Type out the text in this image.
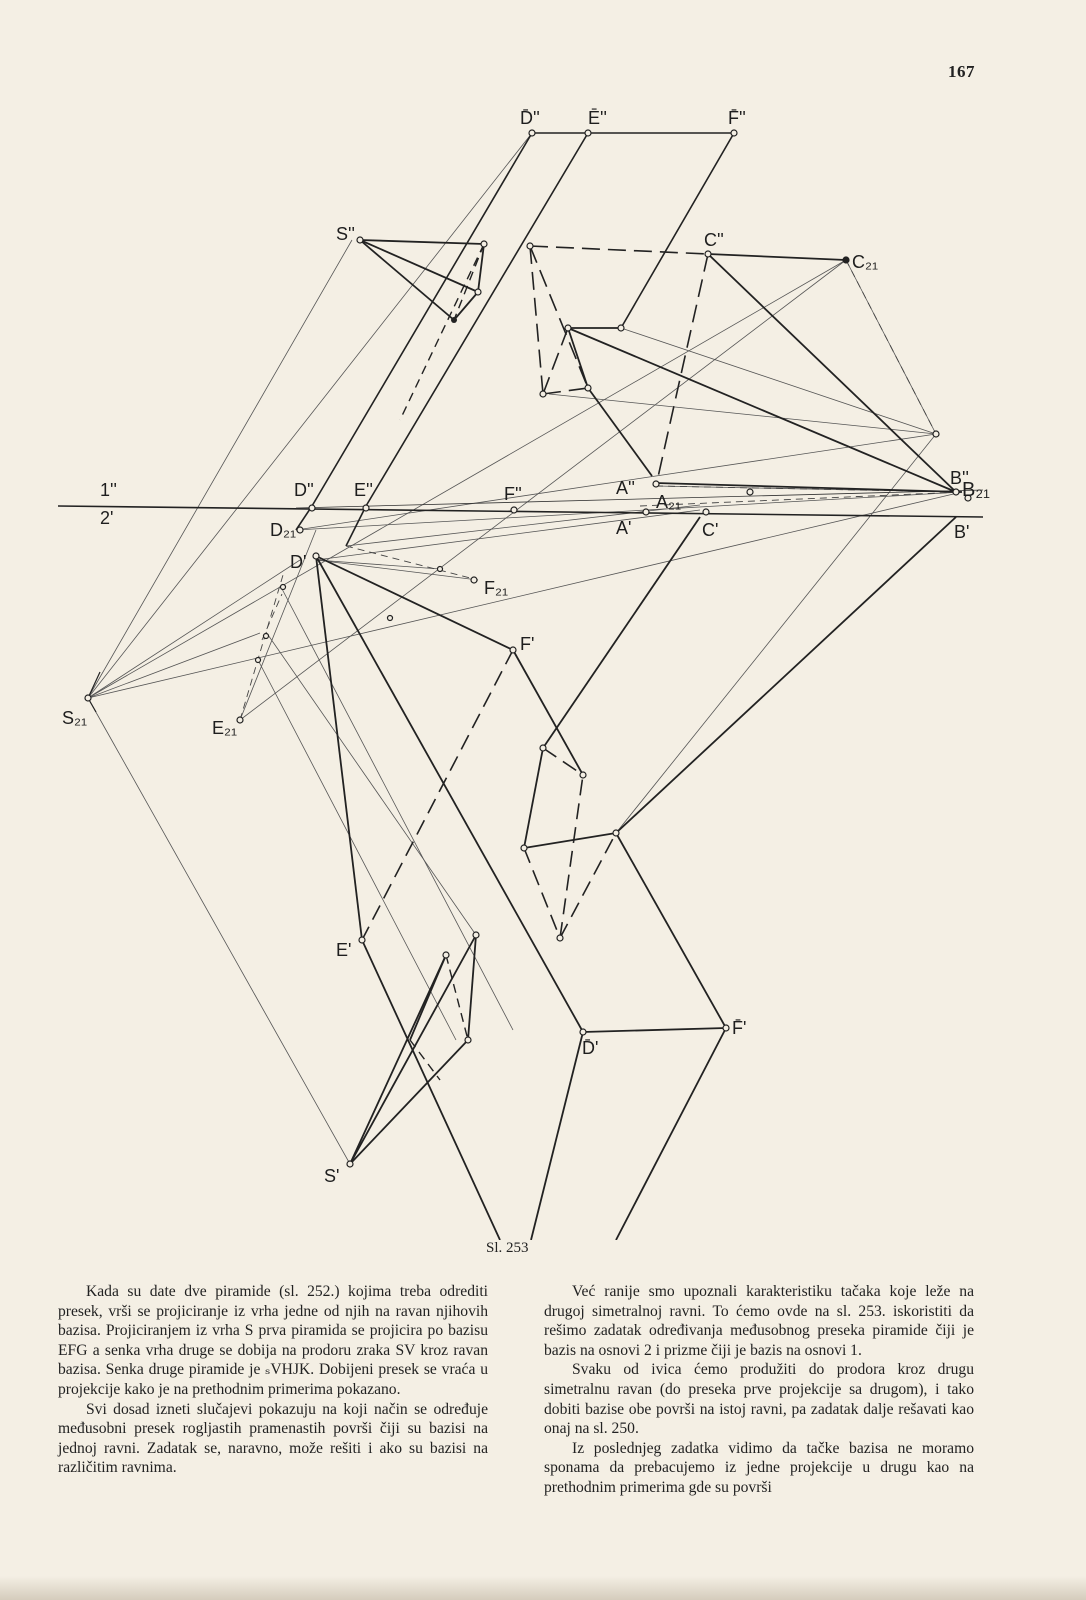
167
D̄''	Ē''	F̄''
S''	C''
C₂₁
1''
2'
D'' E''	F''	A''
A₂₁
B''
B₂₁
A'	C'	B'
D₂₁
D'
F₂₁
F'
S₂₁	E₂₁
E'
D̄'
F̄'
S'
Sl. 253

Kada su date dve piramide (sl. 252.) kojima treba odrediti presek, vrši se projiciranje iz vrha jedne od njih na ravan njihovih bazisa. Projiciranjem iz vrha S prva piramida se projicira po bazisu EFG a senka vrha druge se dobija na prodoru zraka SV kroz ravan bazisa. Senka druge piramide je ₛVHJK. Dobijeni presek se vraća u projekcije kako je na prethodnim primerima pokazano.

Svi dosad izneti slučajevi pokazuju na koji način se određuje međusobni presek rogljastih pramenastih površi čiji su bazisi na jednoj ravni. Zadatak se, naravno, može rešiti i ako su bazisi na različitim ravnima.

Već ranije smo upoznali karakteristiku tačaka koje leže na drugoj simetralnoj ravni. To ćemo ovde na sl. 253. iskoristiti da rešimo zadatak određivanja međusobnog preseka piramide čiji je bazis na osnovi 2 i prizme čiji je bazis na osnovi 1.

Svaku od ivica ćemo produžiti do prodora kroz drugu simetralnu ravan (do preseka prve projekcije sa drugom), i tako dobiti bazise obe površi na istoj ravni, pa zadatak dalje rešavati kao onaj na sl. 250.

Iz poslednjeg zadatka vidimo da tačke bazisa ne moramo sponama da prebacujemo iz jedne projekcije u drugu kao na prethodnim primerima gde su površi
